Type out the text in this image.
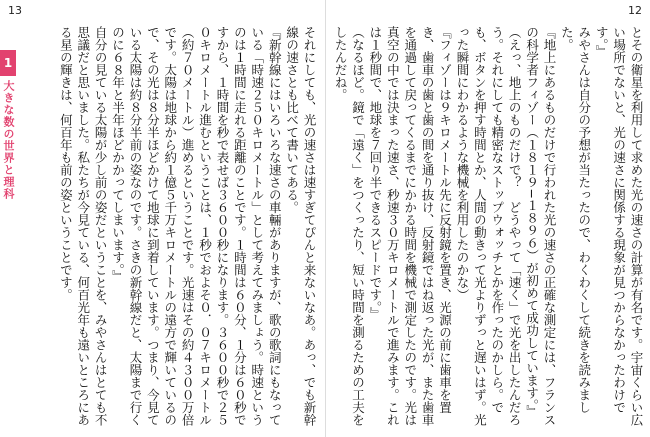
13
1
大きな数の世界と理科	それにしても、光の速さは速すぎてぴんと来ないなあ。あっ、でも新幹線の速さとも比べて書いてある。

『新幹線にはいろいろな速さの車輛がありますが、歌の歌詞にもなっている「時速２５０キロメートル」として考えてみましょう。時速というのは１時間に走れる距離のことです。１時間は６０分、１分は６０秒ですから、１時間を秒で表せば３６００秒になります。３６００秒で２５０キロメートル進むということは、１秒でおよそ０．０７キロメートル（約７０メートル）進めるということです。光速はその約４３００万倍です。太陽は地球から約１億５千万キロメートルの遠方で輝いているので、その光は８分半ほどかけて地球に到着しています。つまり、今見ている太陽は約８分半前の姿なのです。さきの新幹線だと、太陽まで行くのに６８年と半年ほどかかってしまいます。』

自分の見ている太陽が少し前の姿だということを、みやさんはとても不思議だと思いました。私たちが今見ている、何百光年も遠いところにある星の輝きは、何百年も前の姿ということです。

12

とその衛星を利用して求めた光の速さの計算が有名です。宇宙くらい広い場所でないと、光の速さに関係する現象が見つからなかったわけです。』

みやさんは自分の予想が当たったので、わくわくして続きを読みました。

『地上にあるものだけで行われた光の速さの正確な測定には、フランスの科学者フィゾー（１８１９−１８９６）が初めて成功しています。』

（えっ、地上のものだけで？　どうやって「速く」で光を出したんだろう。それにしても精密なストップウォッチとかを作ったのかしら。でも、ボタンを押す時間とか、人間の動きって光よりずっと遅いはず。光った瞬間にわかるような機械を利用したのかな）

『フィゾーは９キロメートル先に反射鏡を置き、光源の前に歯車を置き、歯車の歯と歯の間を通り抜け、反射鏡ではね返った光が、また歯車を通過して戻ってくるまでにかかる時間を機械で測定したのです。光は真空の中では決まった速さ、秒速３０万キロメートルで進みます。これは１秒間で、地球を７回り半できるスピードです。』

（なるほど。鏡で「遠く」をつくったり、短い時間を測るための工夫をしたんだね。
